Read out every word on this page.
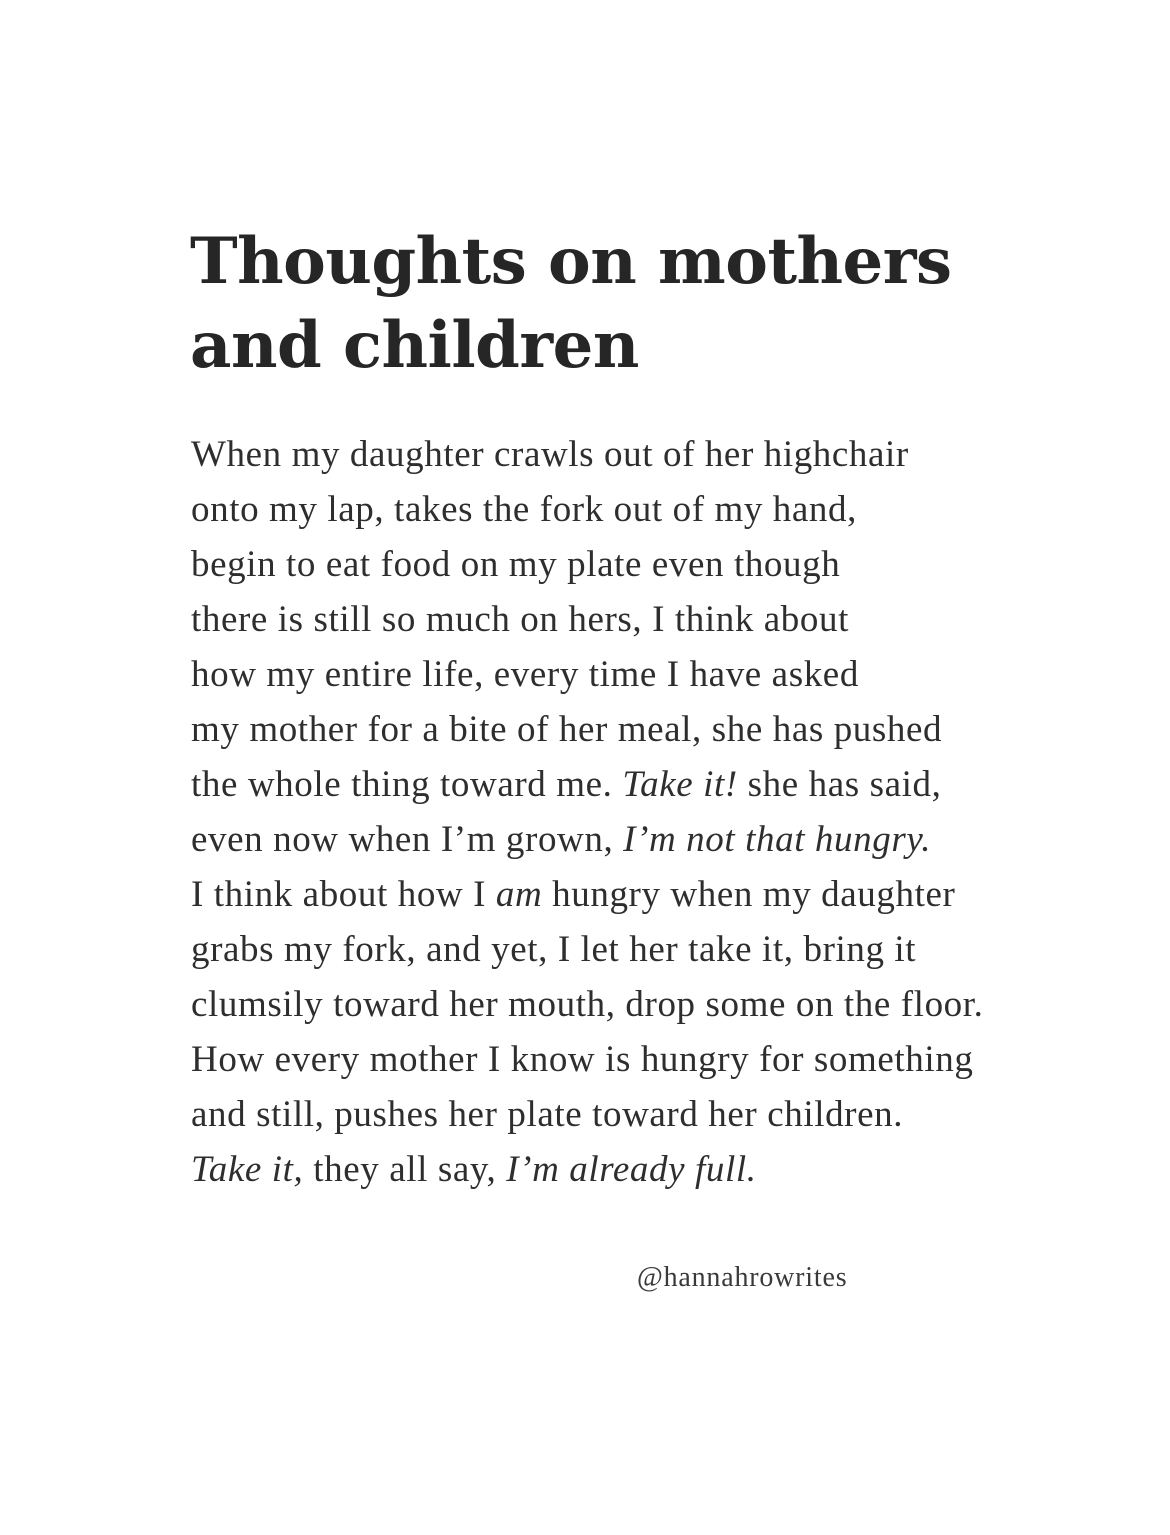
Thoughts on mothers
and children
When my daughter crawls out of her highchair
onto my lap, takes the fork out of my hand,
begin to eat food on my plate even though
there is still so much on hers, I think about
how my entire life, every time I have asked
my mother for a bite of her meal, she has pushed
the whole thing toward me. Take it! she has said,
even now when I’m grown, I’m not that hungry.
I think about how I am hungry when my daughter
grabs my fork, and yet, I let her take it, bring it
clumsily toward her mouth, drop some on the floor.
How every mother I know is hungry for something
and still, pushes her plate toward her children.
Take it, they all say, I’m already full.

@hannahrowrites
